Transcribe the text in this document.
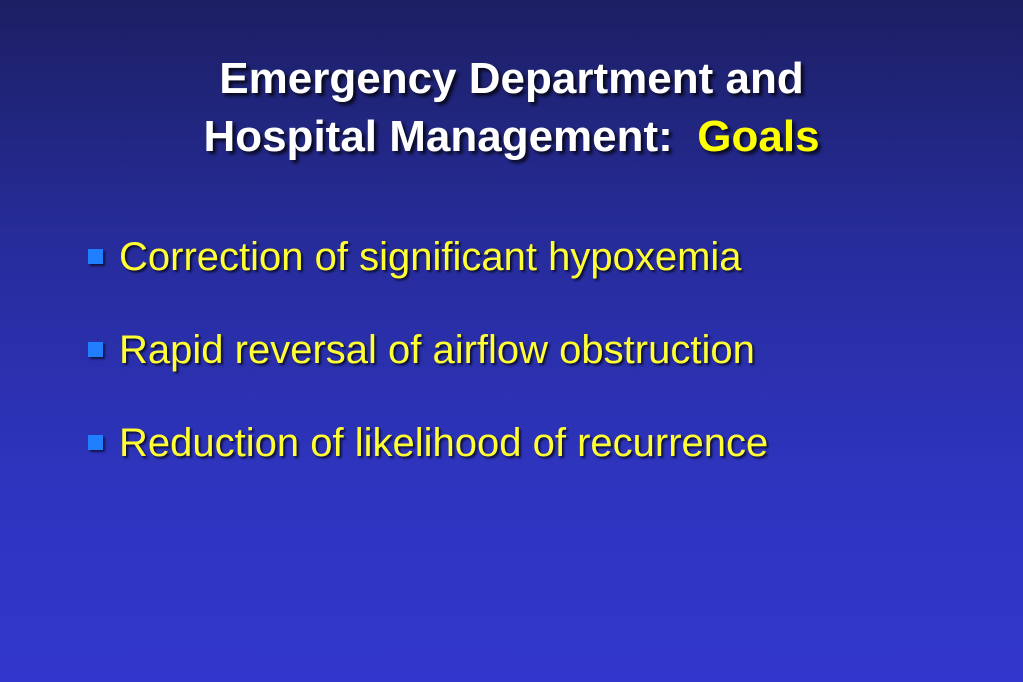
Emergency Department and
Hospital Management: Goals
Correction of significant hypoxemia
Rapid reversal of airflow obstruction
Reduction of likelihood of recurrence
